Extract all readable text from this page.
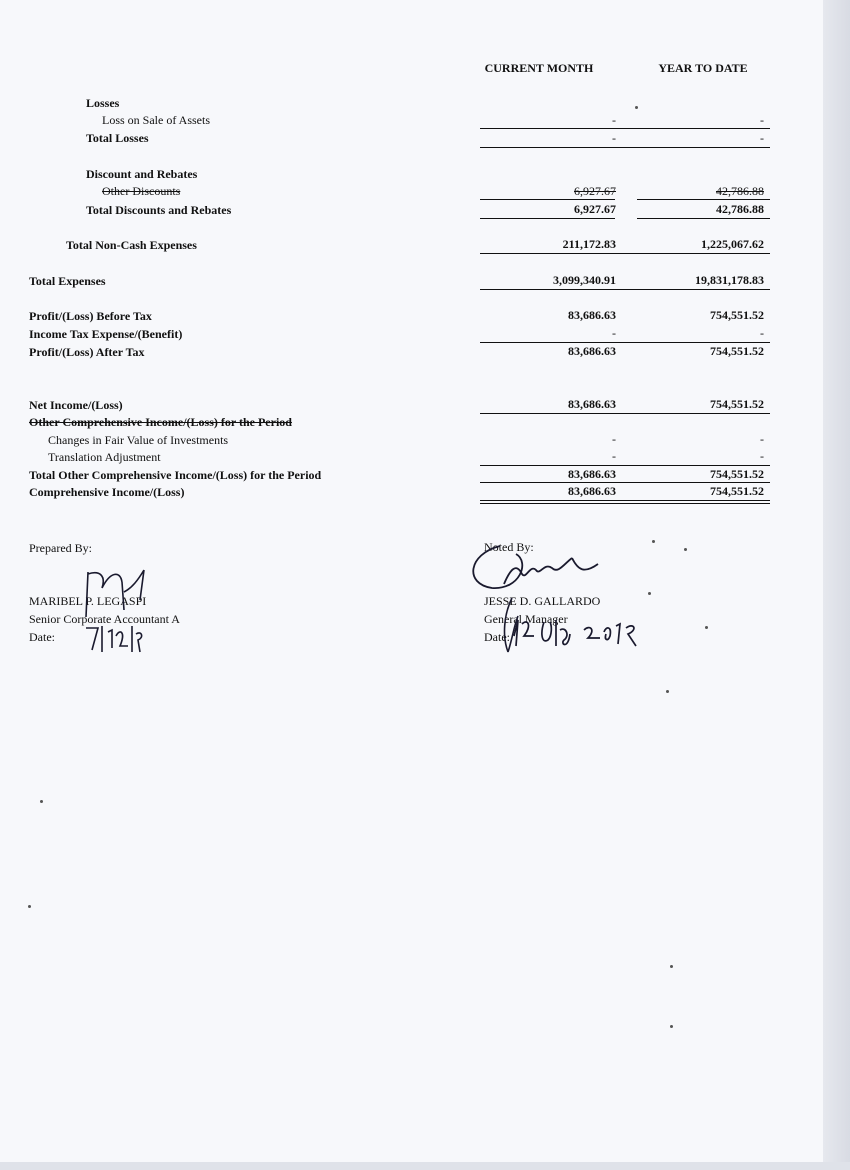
CURRENT MONTH	YEAR TO DATE
Losses
Loss on Sale of Assets	-	-
Total Losses	-	-
Discount and Rebates
Other Discounts	6,927.67	42,786.88
Total Discounts and Rebates	6,927.67	42,786.88
Total Non-Cash Expenses	211,172.83	1,225,067.62
Total Expenses	3,099,340.91	19,831,178.83
Profit/(Loss) Before Tax	83,686.63	754,551.52
Income Tax Expense/(Benefit)	-	-
Profit/(Loss) After Tax	83,686.63	754,551.52
Net Income/(Loss)	83,686.63	754,551.52
Other Comprehensive Income/(Loss) for the Period
Changes in Fair Value of Investments	-	-
Translation Adjustment	-	-
Total Other Comprehensive Income/(Loss) for the Period	83,686.63	754,551.52
Comprehensive Income/(Loss)	83,686.63	754,551.52
Prepared By:
MARIBEL P. LEGASPI
Senior Corporate Accountant A
Date:
Noted By:
JESSE D. GALLARDO
General Manager
Date:
